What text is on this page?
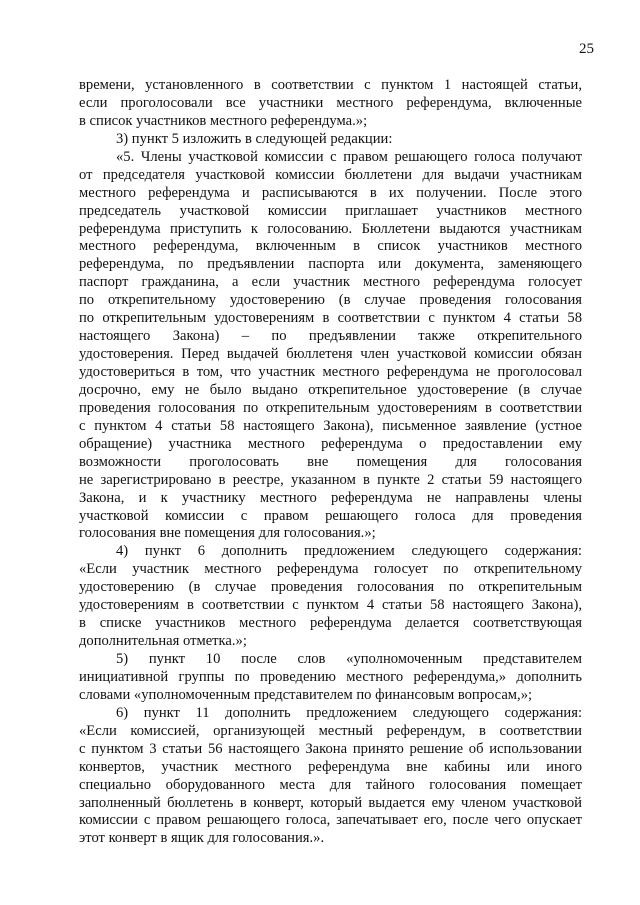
25
времени, установленного в соответствии с пунктом 1 настоящей статьи,
если проголосовали все участники местного референдума, включенные
в список участников местного референдума.»;
3) пункт 5 изложить в следующей редакции:
«5. Члены участковой комиссии с правом решающего голоса получают
от председателя участковой комиссии бюллетени для выдачи участникам
местного референдума и расписываются в их получении. После этого
председатель участковой комиссии приглашает участников местного
референдума приступить к голосованию. Бюллетени выдаются участникам
местного референдума, включенным в список участников местного
референдума, по предъявлении паспорта или документа, заменяющего
паспорт гражданина, а если участник местного референдума голосует
по открепительному удостоверению (в случае проведения голосования
по открепительным удостоверениям в соответствии с пунктом 4 статьи 58
настоящего Закона) – по предъявлении также открепительного
удостоверения. Перед выдачей бюллетеня член участковой комиссии обязан
удостовериться в том, что участник местного референдума не проголосовал
досрочно, ему не было выдано открепительное удостоверение (в случае
проведения голосования по открепительным удостоверениям в соответствии
с пунктом 4 статьи 58 настоящего Закона), письменное заявление (устное
обращение) участника местного референдума о предоставлении ему
возможности проголосовать вне помещения для голосования
не зарегистрировано в реестре, указанном в пункте 2 статьи 59 настоящего
Закона, и к участнику местного референдума не направлены члены
участковой комиссии с правом решающего голоса для проведения
голосования вне помещения для голосования.»;
4) пункт 6 дополнить предложением следующего содержания:
«Если участник местного референдума голосует по открепительному
удостоверению (в случае проведения голосования по открепительным
удостоверениям в соответствии с пунктом 4 статьи 58 настоящего Закона),
в списке участников местного референдума делается соответствующая
дополнительная отметка.»;
5) пункт 10 после слов «уполномоченным представителем
инициативной группы по проведению местного референдума,» дополнить
словами «уполномоченным представителем по финансовым вопросам,»;
6) пункт 11 дополнить предложением следующего содержания:
«Если комиссией, организующей местный референдум, в соответствии
с пунктом 3 статьи 56 настоящего Закона принято решение об использовании
конвертов, участник местного референдума вне кабины или иного
специально оборудованного места для тайного голосования помещает
заполненный бюллетень в конверт, который выдается ему членом участковой
комиссии с правом решающего голоса, запечатывает его, после чего опускает
этот конверт в ящик для голосования.».
